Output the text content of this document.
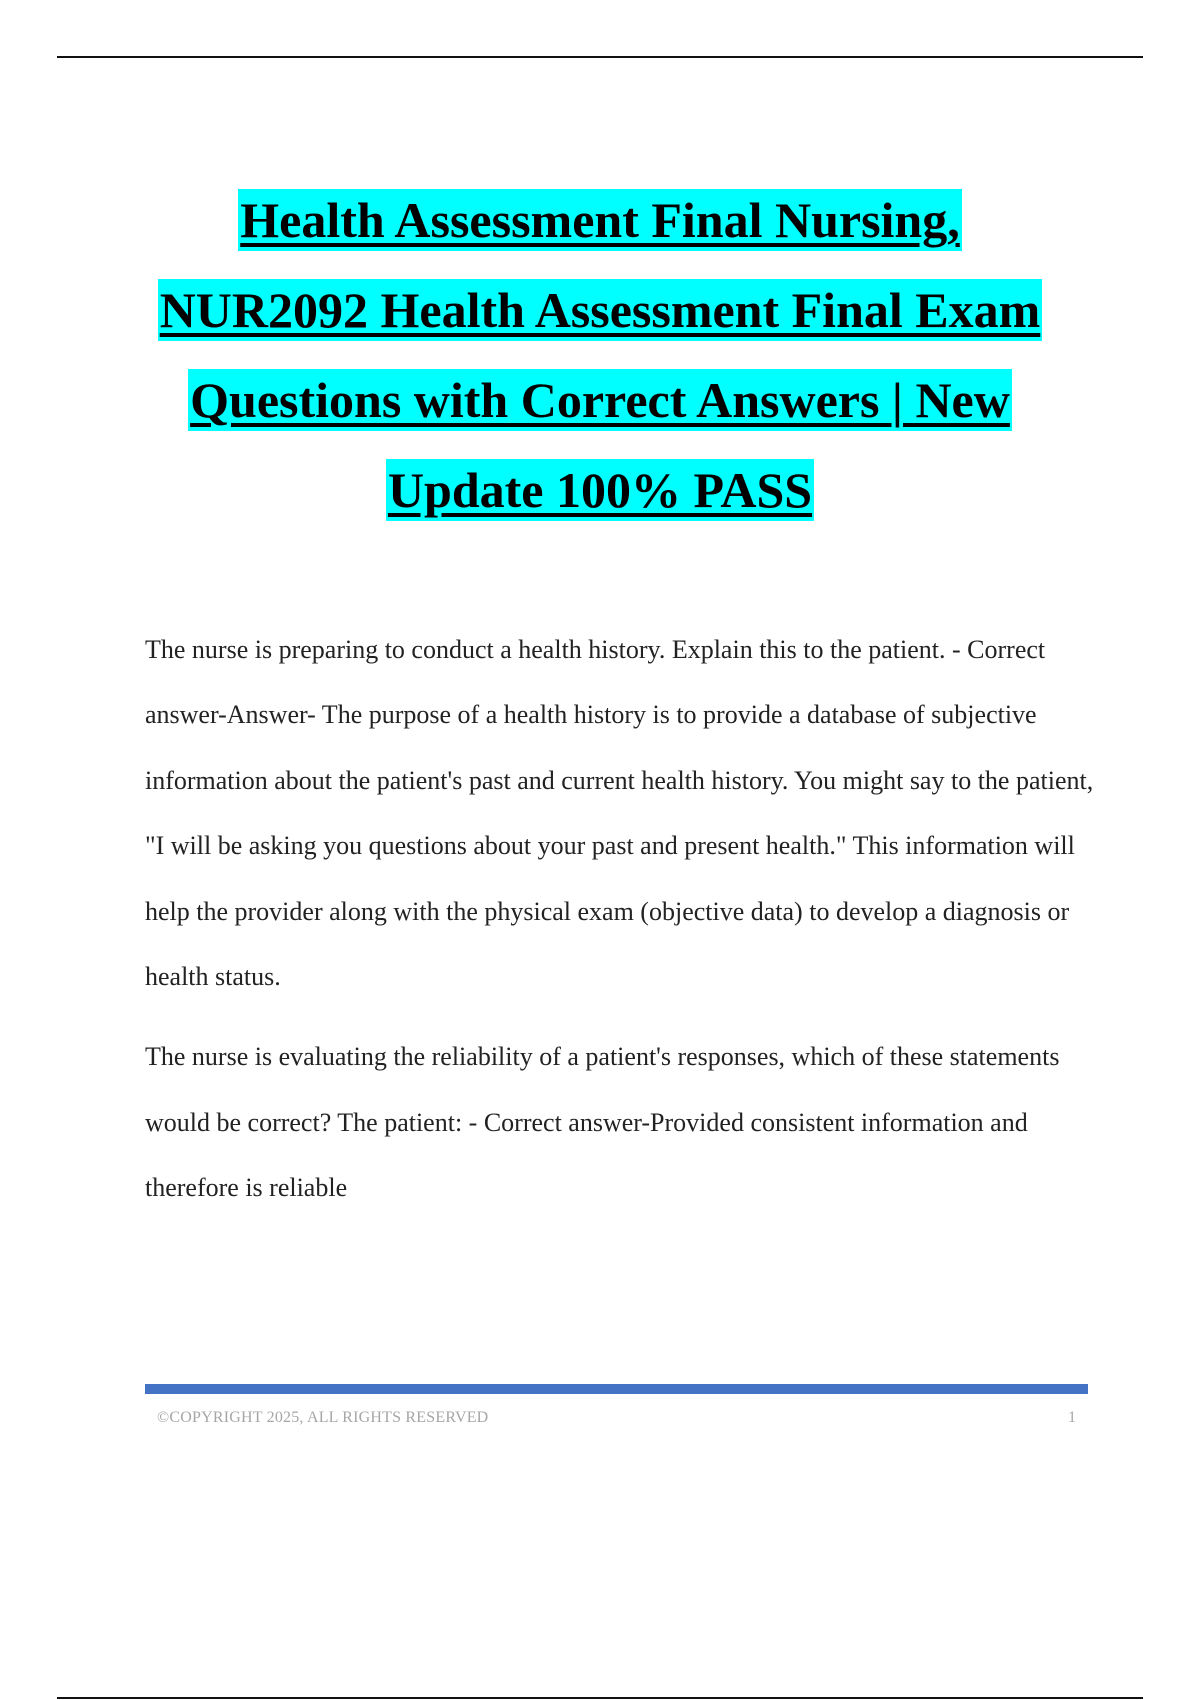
Health Assessment Final Nursing,
NUR2092 Health Assessment Final Exam
Questions with Correct Answers | New
Update 100% PASS

The nurse is preparing to conduct a health history. Explain this to the patient. - Correct answer-Answer- The purpose of a health history is to provide a database of subjective information about the patient's past and current health history. You might say to the patient, "I will be asking you questions about your past and present health." This information will help the provider along with the physical exam (objective data) to develop a diagnosis or health status.

The nurse is evaluating the reliability of a patient's responses, which of these statements would be correct? The patient: - Correct answer-Provided consistent information and therefore is reliable

©COPYRIGHT 2025, ALL RIGHTS RESERVED	1
